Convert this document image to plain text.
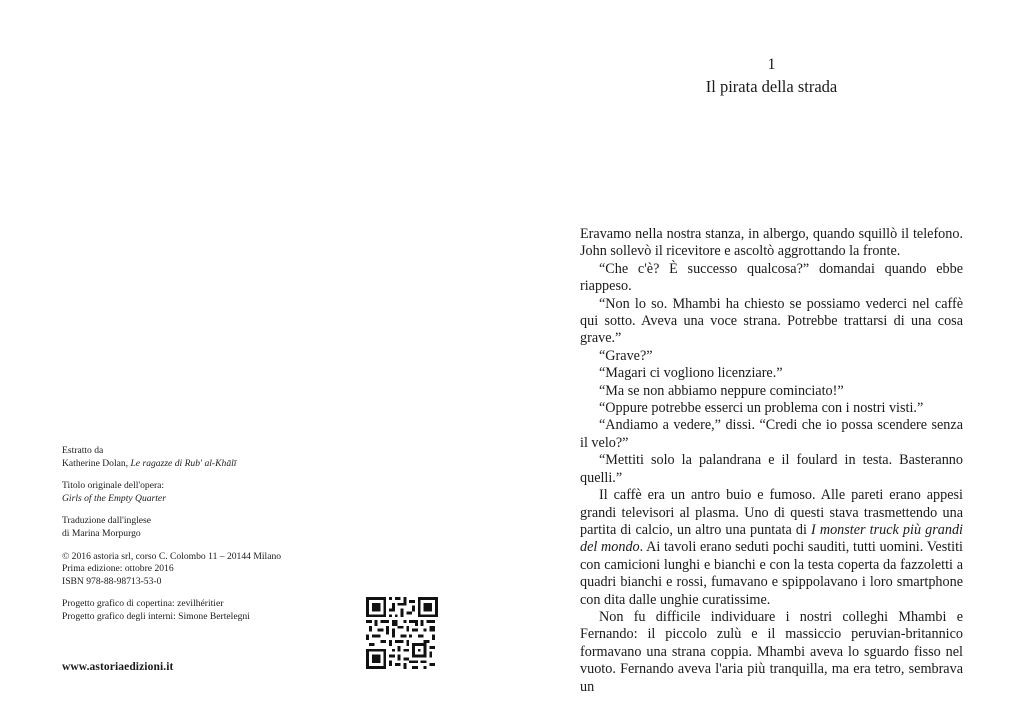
Estratto da
Katherine Dolan, Le ragazze di Rub' al-Khālī
Titolo originale dell'opera:
Girls of the Empty Quarter
Traduzione dall'inglese
di Marina Morpurgo
© 2016 astoria srl, corso C. Colombo 11 – 20144 Milano
Prima edizione: ottobre 2016
ISBN 978-88-98713-53-0
Progetto grafico di copertina: zevilhéritier
Progetto grafico degli interni: Simone Bertelegni
www.astoriaedizioni.it
1
Il pirata della strada

Eravamo nella nostra stanza, in albergo, quando squillò il telefono. John sollevò il ricevitore e ascoltò aggrottando la fronte.

“Che c'è? È successo qualcosa?” domandai quando ebbe riappeso.

“Non lo so. Mhambi ha chiesto se possiamo vederci nel caffè qui sotto. Aveva una voce strana. Potrebbe trattarsi di una cosa grave.”

“Grave?”

“Magari ci vogliono licenziare.”

“Ma se non abbiamo neppure cominciato!”

“Oppure potrebbe esserci un problema con i nostri visti.”

“Andiamo a vedere,” dissi. “Credi che io possa scendere senza il velo?”

“Mettiti solo la palandrana e il foulard in testa. Basteranno quelli.”

Il caffè era un antro buio e fumoso. Alle pareti erano appesi grandi televisori al plasma. Uno di questi stava trasmettendo una partita di calcio, un altro una puntata di I monster truck più grandi del mondo. Ai tavoli erano seduti pochi sauditi, tutti uomini. Vestiti con camicioni lunghi e bianchi e con la testa coperta da fazzoletti a quadri bianchi e rossi, fumavano e spippolavano i loro smartphone con dita dalle unghie curatissime.

Non fu difficile individuare i nostri colleghi Mhambi e Fernando: il piccolo zulù e il massiccio peruvian-britannico formavano una strana coppia. Mhambi aveva lo sguardo fisso nel vuoto. Fernando aveva l'aria più tranquilla, ma era tetro, sembrava un
